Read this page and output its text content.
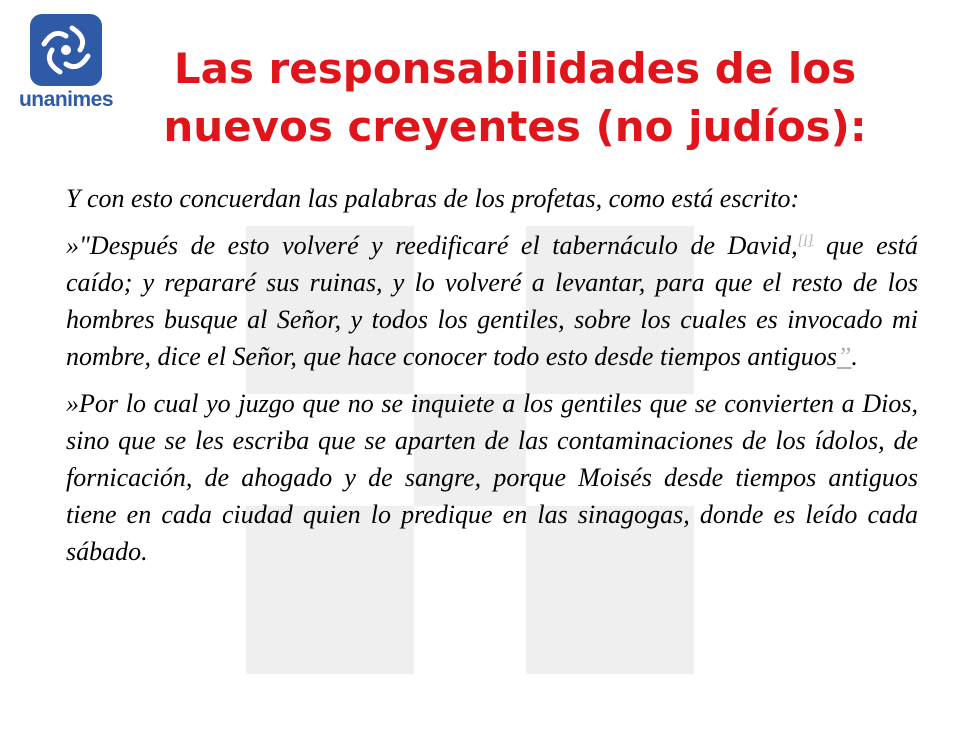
unanimes
Las responsabilidades de los nuevos creyentes (no judíos):

Y con esto concuerdan las palabras de los profetas, como está escrito:

»"Después de esto volveré y reedificaré el tabernáculo de David,[i] que está caído; y repararé sus ruinas, y lo volveré a levantar, para que el resto de los hombres busque al Señor, y todos los gentiles, sobre los cuales es invocado mi nombre, dice el Señor, que hace conocer todo esto desde tiempos antiguos”.

»Por lo cual yo juzgo que no se inquiete a los gentiles que se convierten a Dios, sino que se les escriba que se aparten de las contaminaciones de los ídolos, de fornicación, de ahogado y de sangre, porque Moisés desde tiempos antiguos tiene en cada ciudad quien lo predique en las sinagogas, donde es leído cada sábado.
